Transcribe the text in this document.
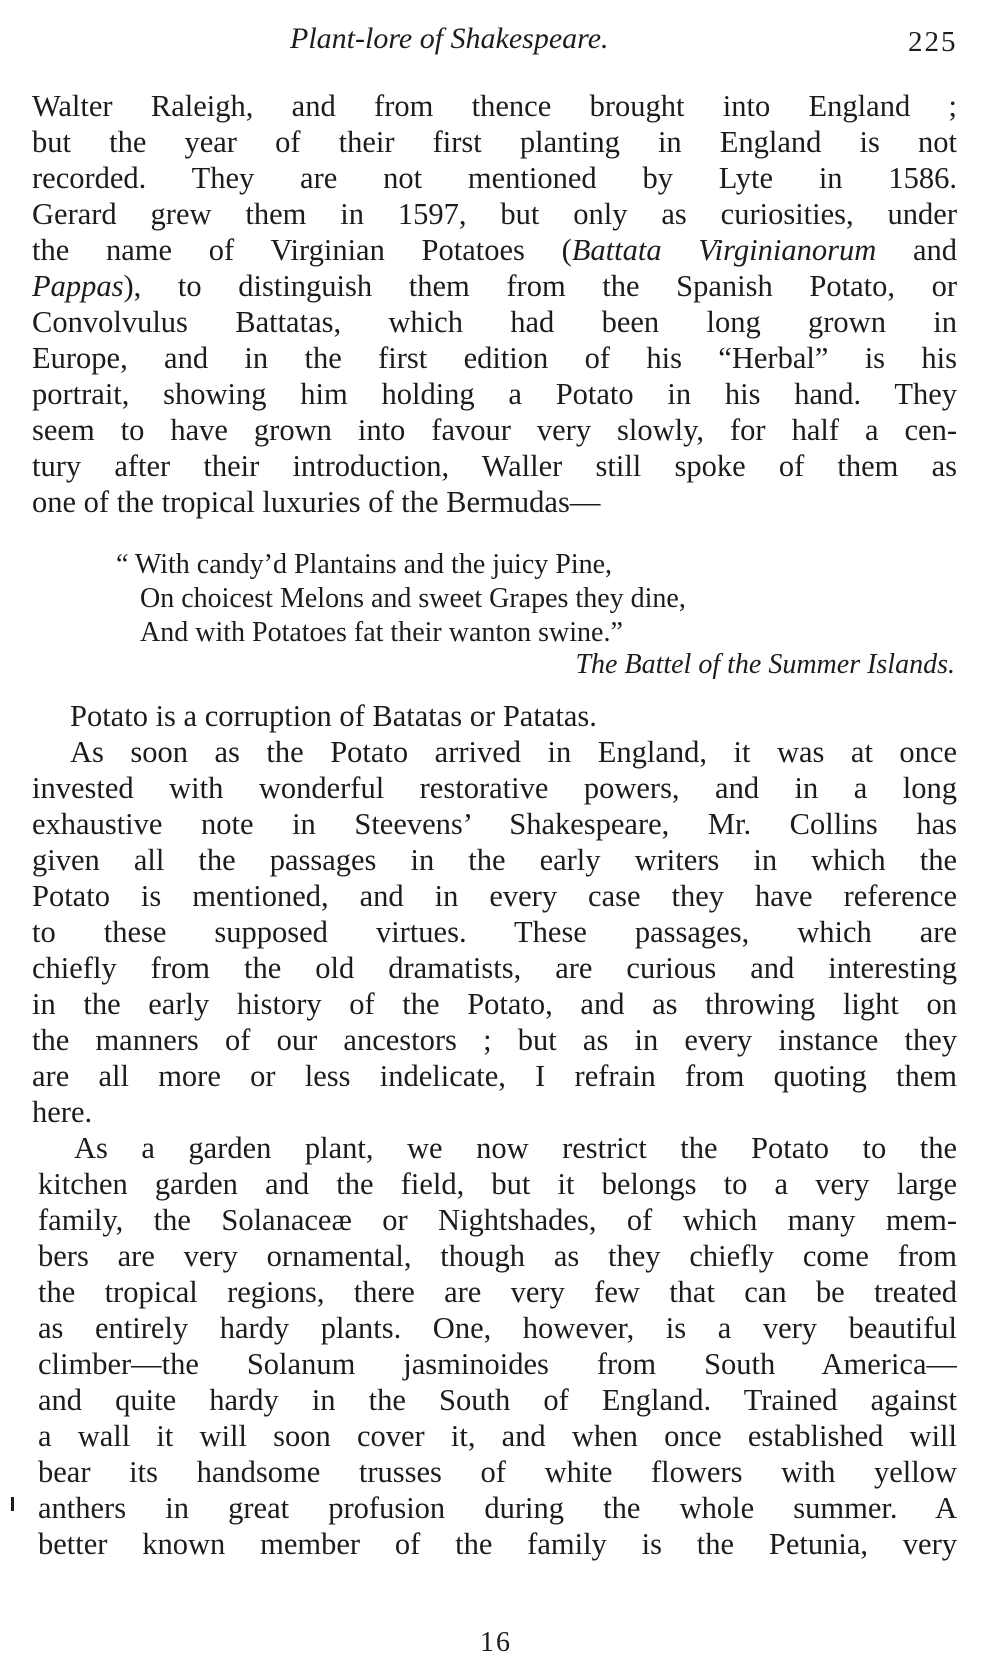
Plant-lore of Shakespeare.	225
Walter Raleigh, and from thence brought into England ;
but the year of their first planting in England is not
recorded. They are not mentioned by Lyte in 1586.
Gerard grew them in 1597, but only as curiosities, under
the name of Virginian Potatoes (Battata Virginianorum and
Pappas), to distinguish them from the Spanish Potato, or
Convolvulus Battatas, which had been long grown in
Europe, and in the first edition of his “Herbal” is his
portrait, showing him holding a Potato in his hand. They
seem to have grown into favour very slowly, for half a cen-
tury after their introduction, Waller still spoke of them as
one of the tropical luxuries of the Bermudas—
“ With candy’d Plantains and the juicy Pine,
On choicest Melons and sweet Grapes they dine,
And with Potatoes fat their wanton swine.”
The Battel of the Summer Islands.
Potato is a corruption of Batatas or Patatas.
As soon as the Potato arrived in England, it was at once
invested with wonderful restorative powers, and in a long
exhaustive note in Steevens’ Shakespeare, Mr. Collins has
given all the passages in the early writers in which the
Potato is mentioned, and in every case they have reference
to these supposed virtues. These passages, which are
chiefly from the old dramatists, are curious and interesting
in the early history of the Potato, and as throwing light on
the manners of our ancestors ; but as in every instance they
are all more or less indelicate, I refrain from quoting them
here.
As a garden plant, we now restrict the Potato to the
kitchen garden and the field, but it belongs to a very large
family, the Solanaceæ or Nightshades, of which many mem-
bers are very ornamental, though as they chiefly come from
the tropical regions, there are very few that can be treated
as entirely hardy plants. One, however, is a very beautiful
climber—the Solanum jasminoides from South America—
and quite hardy in the South of England. Trained against
a wall it will soon cover it, and when once established will
bear its handsome trusses of white flowers with yellow
anthers in great profusion during the whole summer. A
better known member of the family is the Petunia, very
16
